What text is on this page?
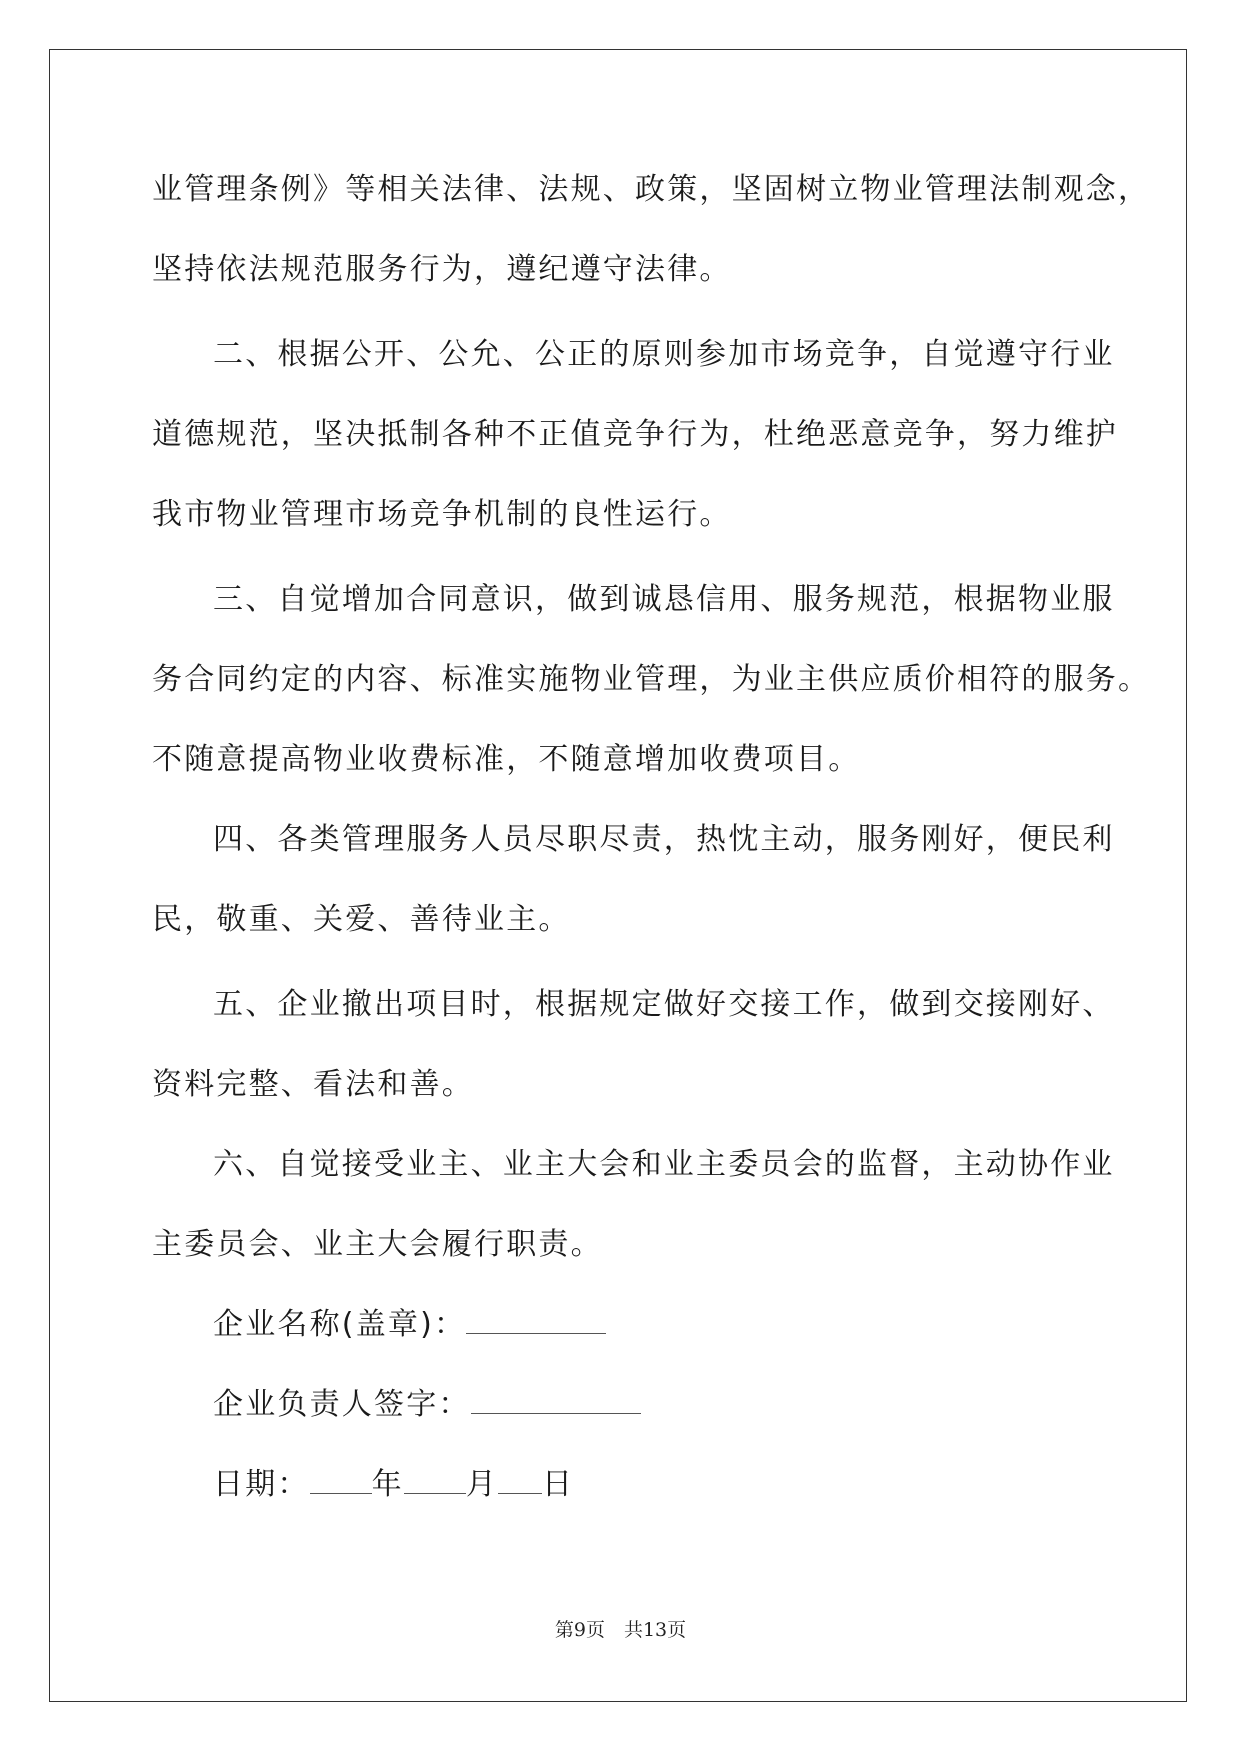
业管理条例》等相关法律、法规、政策，坚固树立物业管理法制观念，
坚持依法规范服务行为，遵纪遵守法律。
二、根据公开、公允、公正的原则参加市场竞争，自觉遵守行业
道德规范，坚决抵制各种不正值竞争行为，杜绝恶意竞争，努力维护
我市物业管理市场竞争机制的良性运行。
三、自觉增加合同意识，做到诚恳信用、服务规范，根据物业服
务合同约定的内容、标准实施物业管理，为业主供应质价相符的服务。
不随意提高物业收费标准，不随意增加收费项目。
四、各类管理服务人员尽职尽责，热忱主动，服务刚好，便民利
民，敬重、关爱、善待业主。
五、企业撤出项目时，根据规定做好交接工作，做到交接刚好、
资料完整、看法和善。
六、自觉接受业主、业主大会和业主委员会的监督，主动协作业
主委员会、业主大会履行职责。
企业名称(盖章)：
企业负责人签字：
日期： 年 月 日
第9页　共13页
